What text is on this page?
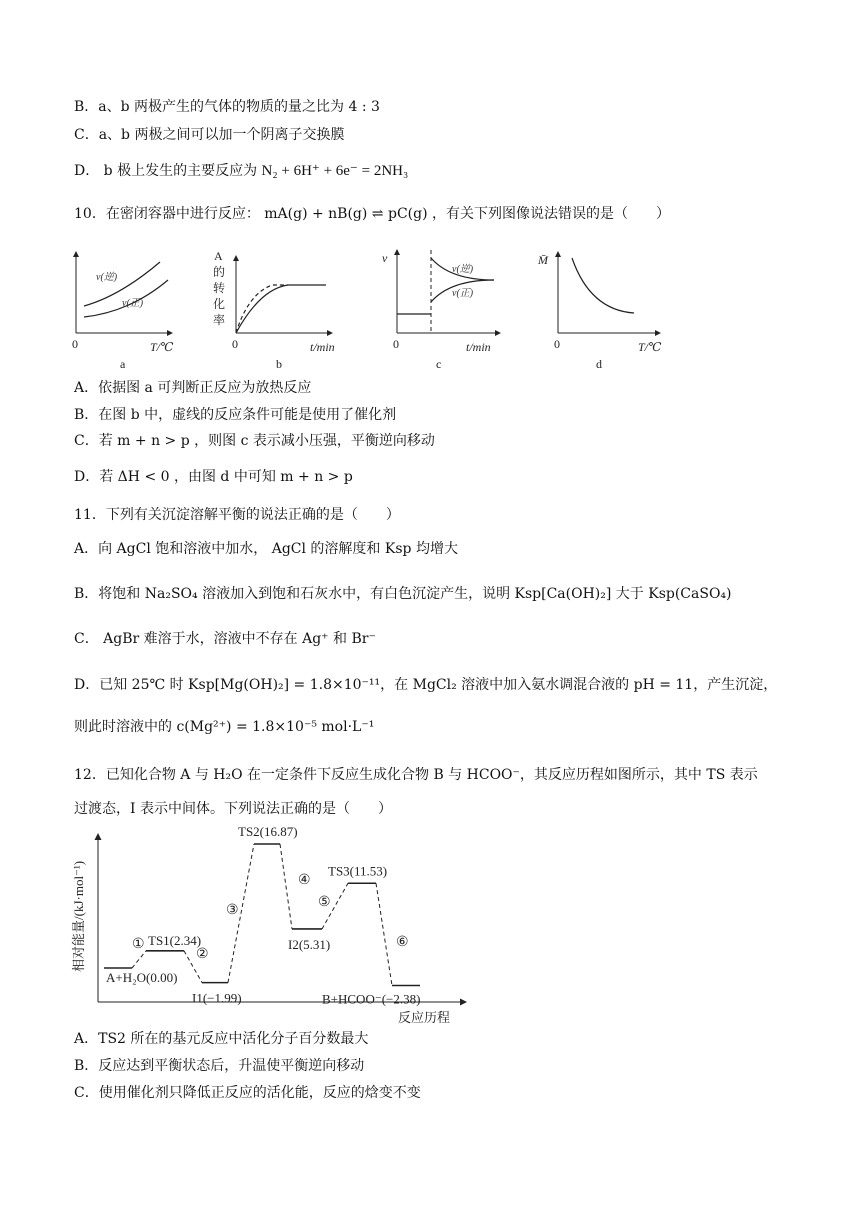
B．a、b 两极产生的气体的物质的量之比为 4 : 3
C．a、b 两极之间可以加一个阴离子交换膜
D． b 极上发生的主要反应为 N₂ + 6H⁺ + 6e⁻ = 2NH₃
10．在密闭容器中进行反应： mA(g) + nB(g) ⇌ pC(g) ，有关下列图像说法错误的是（　　）
v(逆)
v(正)
0	T/℃
a
A
的
转
化
率
0	t/min
b
v
v(逆)
v(正)
0	t/min
c
M̄
0	T/℃
d
A．依据图 a 可判断正反应为放热反应
B．在图 b 中，虚线的反应条件可能是使用了催化剂
C．若 m + n > p ，则图 c 表示减小压强，平衡逆向移动
D．若 ΔH < 0 ，由图 d 中可知 m + n > p
11．下列有关沉淀溶解平衡的说法正确的是（　　）
A．向 AgCl 饱和溶液中加水， AgCl 的溶解度和 Ksp 均增大
B．将饱和 Na₂SO₄ 溶液加入到饱和石灰水中，有白色沉淀产生，说明 Ksp[Ca(OH)₂] 大于 Ksp(CaSO₄)
C． AgBr 难溶于水，溶液中不存在 Ag⁺ 和 Br⁻
D．已知 25℃ 时 Ksp[Mg(OH)₂] = 1.8×10⁻¹¹，在 MgCl₂ 溶液中加入氨水调混合液的 pH = 11，产生沉淀，
则此时溶液中的 c(Mg²⁺) = 1.8×10⁻⁵ mol·L⁻¹
12．已知化合物 A 与 H₂O 在一定条件下反应生成化合物 B 与 HCOO⁻，其反应历程如图所示，其中 TS 表示
过渡态，I 表示中间体。下列说法正确的是（　　）
相对能量/(kJ·mol⁻¹)
反应历程
A+H₂O(0.00)
TS1(2.34)
I1(−1.99)
TS2(16.87)
I2(5.31)
TS3(11.53)
B+HCOO⁻(−2.38)
①
②
③
④
⑤
⑥
A．TS2 所在的基元反应中活化分子百分数最大
B．反应达到平衡状态后，升温使平衡逆向移动
C．使用催化剂只降低正反应的活化能，反应的焓变不变
